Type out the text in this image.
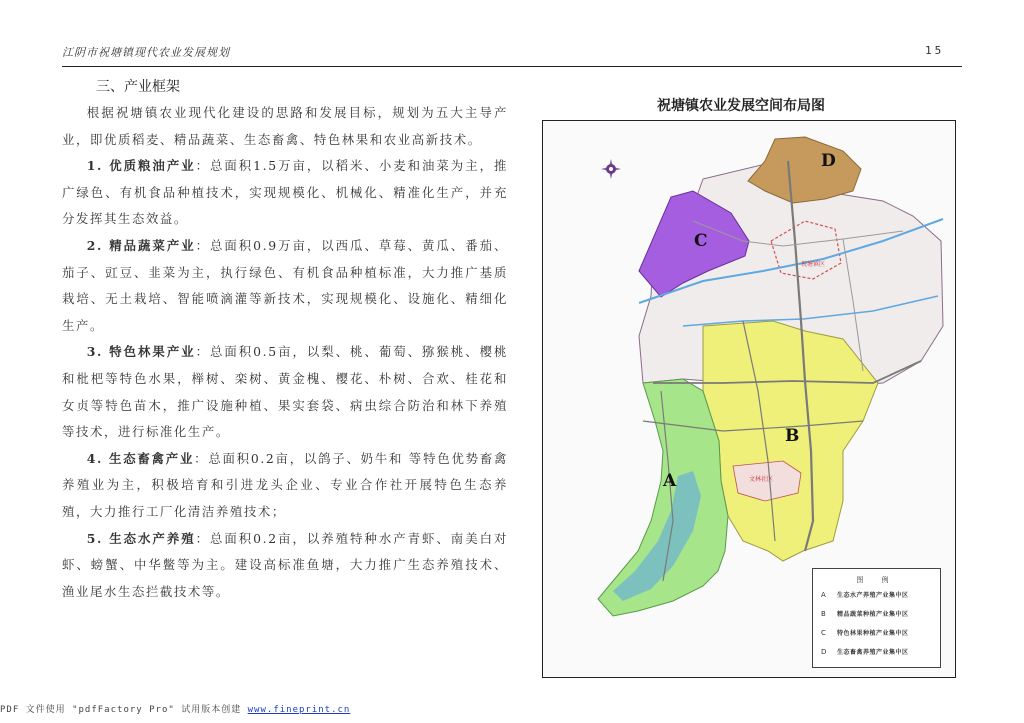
江阴市祝塘镇现代农业发展规划	15
三、产业框架

根据祝塘镇农业现代化建设的思路和发展目标，规划为五大主导产业，即优质稻麦、精品蔬菜、生态畜禽、特色林果和农业高新技术。

1. 优质粮油产业：总面积1.5万亩，以稻米、小麦和油菜为主，推广绿色、有机食品种植技术，实现规模化、机械化、精准化生产，并充分发挥其生态效益。

2. 精品蔬菜产业：总面积0.9万亩，以西瓜、草莓、黄瓜、番茄、茄子、豇豆、韭菜为主，执行绿色、有机食品种植标准，大力推广基质栽培、无土栽培、智能喷滴灌等新技术，实现规模化、设施化、精细化生产。

3. 特色林果产业：总面积0.5亩，以梨、桃、葡萄、猕猴桃、樱桃和枇杷等特色水果，榉树、栾树、黄金槐、樱花、朴树、合欢、桂花和女贞等特色苗木，推广设施种植、果实套袋、病虫综合防治和林下养殖等技术，进行标准化生产。

4. 生态畜禽产业：总面积0.2亩，以鸽子、奶牛和 等特色优势畜禽养殖业为主，积极培育和引进龙头企业、专业合作社开展特色生态养殖，大力推行工厂化清洁养殖技术；

5. 生态水产养殖：总面积0.2亩，以养殖特种水产青虾、南美白对虾、螃蟹、中华鳖等为主。建设高标准鱼塘，大力推广生态养殖技术、渔业尾水生态拦截技术等。

祝塘镇农业发展空间布局图
祝塘镇区
文林社区
D
C
B
A
图 例
A	生态水产养殖产业集中区
B	精品蔬菜种植产业集中区
C	特色林果种植产业集中区
D	生态畜禽养殖产业集中区
PDF 文件使用 "pdfFactory Pro" 试用版本创建 www.fineprint.cn
